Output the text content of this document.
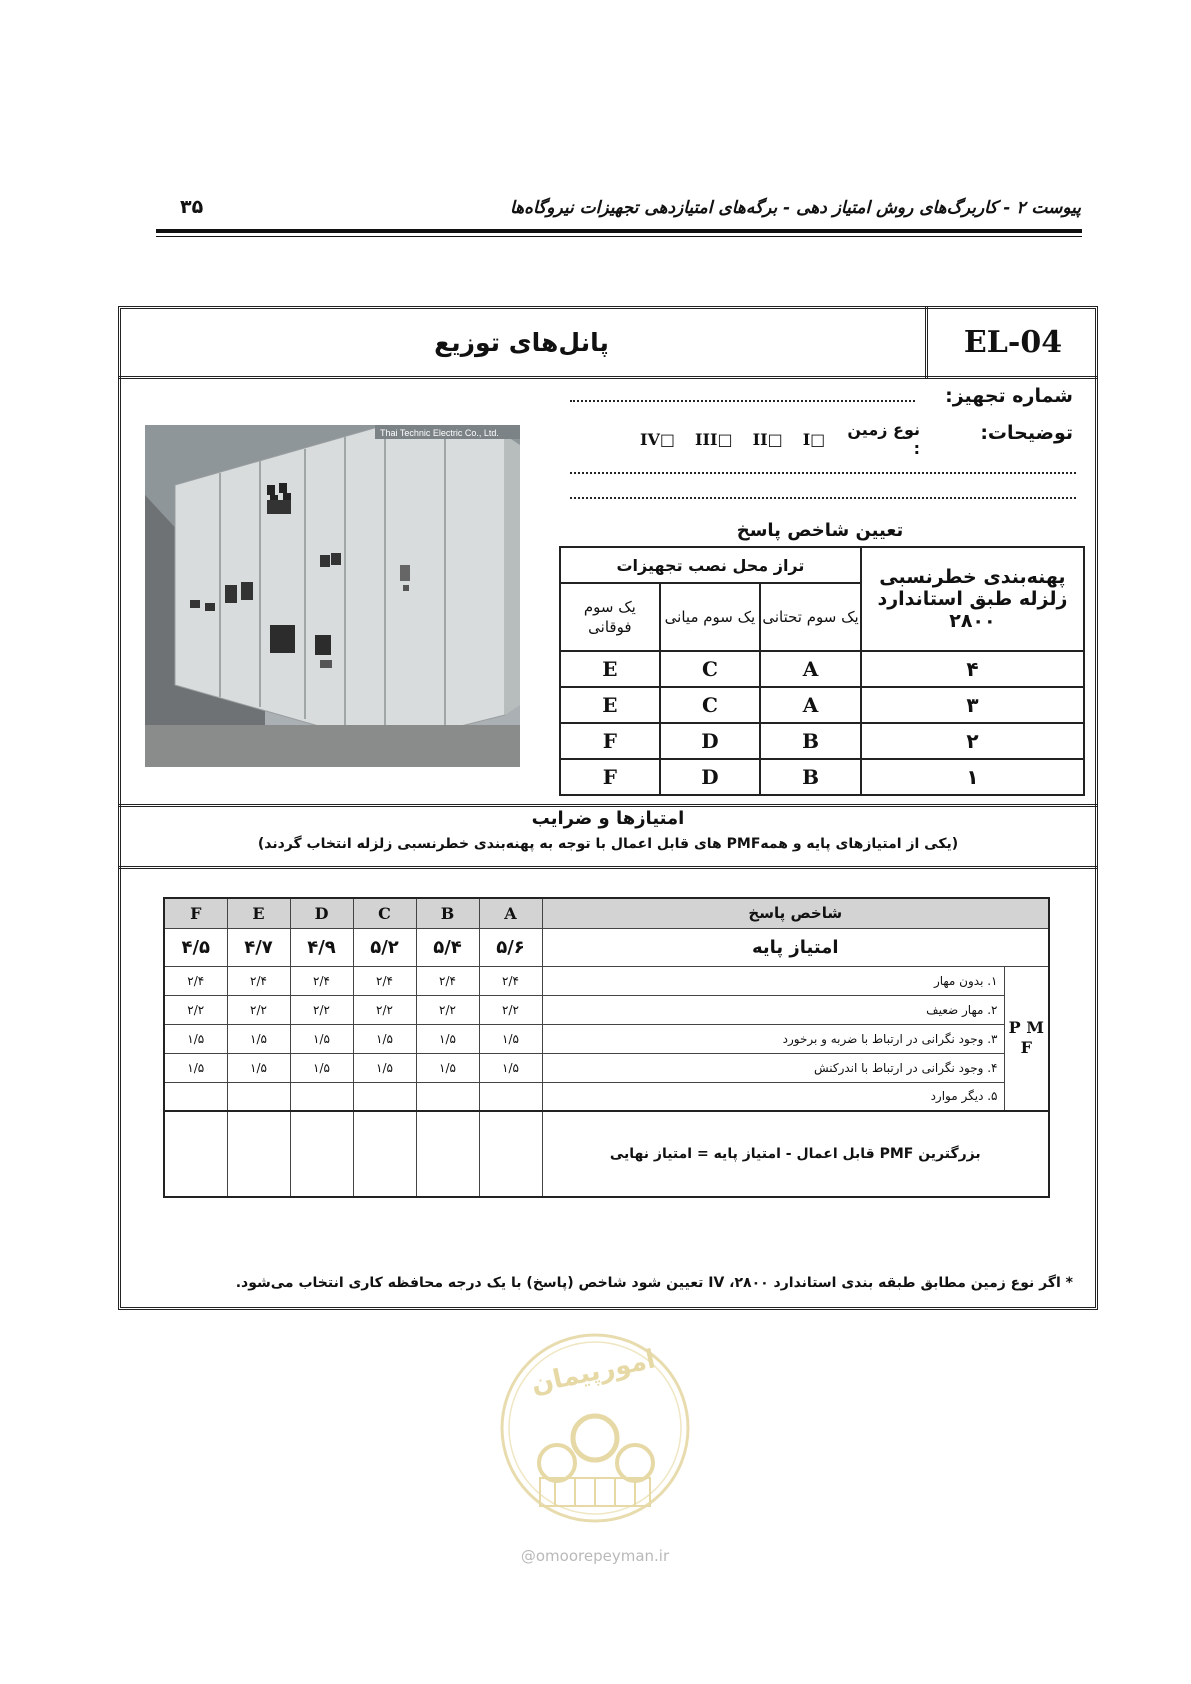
پیوست ۲ - کاربرگ‌های روش امتیاز دهی - برگه‌های امتیازدهی تجهیزات نیروگاه‌ها
۳۵
EL-04
پانل‌های توزیع
شماره تجهیز:
توضیحات:
نوع زمین :
I□
II□
III□
IV□
Thai Technic Electric Co., Ltd.
تعیین شاخص پاسخ
پهنه‌بندی خطرنسبی زلزله طبق استاندارد ۲۸۰۰	تراز محل نصب تجهیزات		
	یک سوم تحتانی	یک سوم میانی	یک سوم فوقانی
۴	A	C	E
۳	A	C	E
۲	B	D	F
۱	B	D	F
امتیازها و ضرایب
(یکی از امتیازهای پایه و همهPMF های قابل اعمال با توجه به پهنه‌بندی خطرنسبی زلزله انتخاب گردند)
شاخص پاسخ		A	B	C	D	E	F
امتیاز پایه		۵/۶	۵/۴	۵/۲	۴/۹	۴/۷	۴/۵
P M F	۱. بدون مهار	۲/۴	۲/۴	۲/۴	۲/۴	۲/۴	۲/۴
	۲. مهار ضعیف	۲/۲	۲/۲	۲/۲	۲/۲	۲/۲	۲/۲
	۳. وجود نگرانی در ارتباط با ضربه و برخورد	۱/۵	۱/۵	۱/۵	۱/۵	۱/۵	۱/۵
	۴. وجود نگرانی در ارتباط با اندرکنش	۱/۵	۱/۵	۱/۵	۱/۵	۱/۵	۱/۵
	۵. دیگر موارد						
بزرگترین PMF قابل اعمال - امتیاز پایه = امتیاز نهایی							
* اگر نوع زمین مطابق طبقه بندی استاندارد ۲۸۰۰، IV تعیین شود شاخص (پاسخ) با یک درجه محافظه کاری انتخاب می‌شود.
امورپیمان
@omoorepeyman.ir
